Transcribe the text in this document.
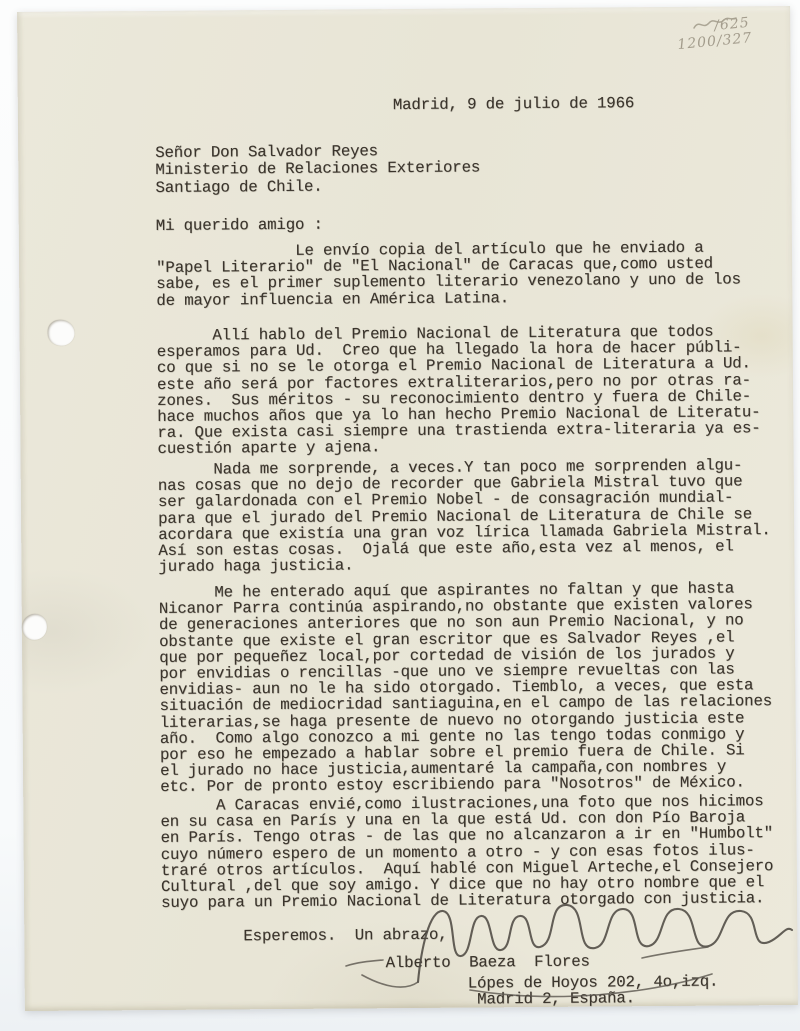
/625
1200/327
Madrid, 9 de julio de 1966
Señor Don Salvador Reyes
Ministerio de Relaciones Exteriores
Santiago de Chile.
Mi querido amigo :
Le envío copia del artículo que he enviado a
"Papel Literario" de "El Nacional" de Caracas que,como usted
sabe, es el primer suplemento literario venezolano y uno de los
de mayor influencia en América Latina.
Allí hablo del Premio Nacional de Literatura que todos
esperamos para Ud.  Creo que ha llegado la hora de hacer públi-
co que si no se le otorga el Premio Nacional de Literatura a Ud.
este año será por factores extraliterarios,pero no por otras ra-
zones.  Sus méritos - su reconocimiento dentro y fuera de Chile-
hace muchos años que ya lo han hecho Premio Nacional de Literatu-
ra. Que exista casi siempre una trastienda extra-literaria ya es-
cuestión aparte y ajena.
Nada me sorprende, a veces.Y tan poco me sorprenden algu-
nas cosas que no dejo de recorder que Gabriela Mistral tuvo que
ser galardonada con el Premio Nobel - de consagración mundial-
para que el jurado del Premio Nacional de Literatura de Chile se
acordara que existía una gran voz lírica llamada Gabriela Mistral.
Así son estas cosas.  Ojalá que este año,esta vez al menos, el
jurado haga justicia.
Me he enterado aquí que aspirantes no faltan y que hasta
Nicanor Parra continúa aspirando,no obstante que existen valores
de generaciones anteriores que no son aun Premio Nacional, y no
obstante que existe el gran escritor que es Salvador Reyes ,el
que por pequeñez local,por cortedad de visión de los jurados y
por envidias o rencillas -que uno ve siempre revueltas con las
envidias- aun no le ha sido otorgado. Tiemblo, a veces, que esta
situación de mediocridad santiaguina,en el campo de las relaciones
literarias,se haga presente de nuevo no otorgando justicia este
año.  Como algo conozco a mi gente no las tengo todas conmigo y
por eso he empezado a hablar sobre el premio fuera de Chile. Si
el jurado no hace justicia,aumentaré la campaña,con nombres y
etc. Por de pronto estoy escribiendo para "Nosotros" de México.
A Caracas envié,como ilustraciones,una foto que nos hicimos
en su casa en París y una en la que está Ud. con don Pío Baroja
en París. Tengo otras - de las que no alcanzaron a ir en "Humbolt"
cuyo número espero de un momento a otro - y con esas fotos ilus-
traré otros artículos.  Aquí hablé con Miguel Arteche,el Consejero
Cultural ,del que soy amigo. Y dice que no hay otro nombre que el
suyo para un Premio Nacional de Literatura otorgado con justicia.
Esperemos.  Un abrazo,
Alberto  Baeza  Flores
Lópes de Hoyos 202, 4o,izq.
Madrid 2, España.
